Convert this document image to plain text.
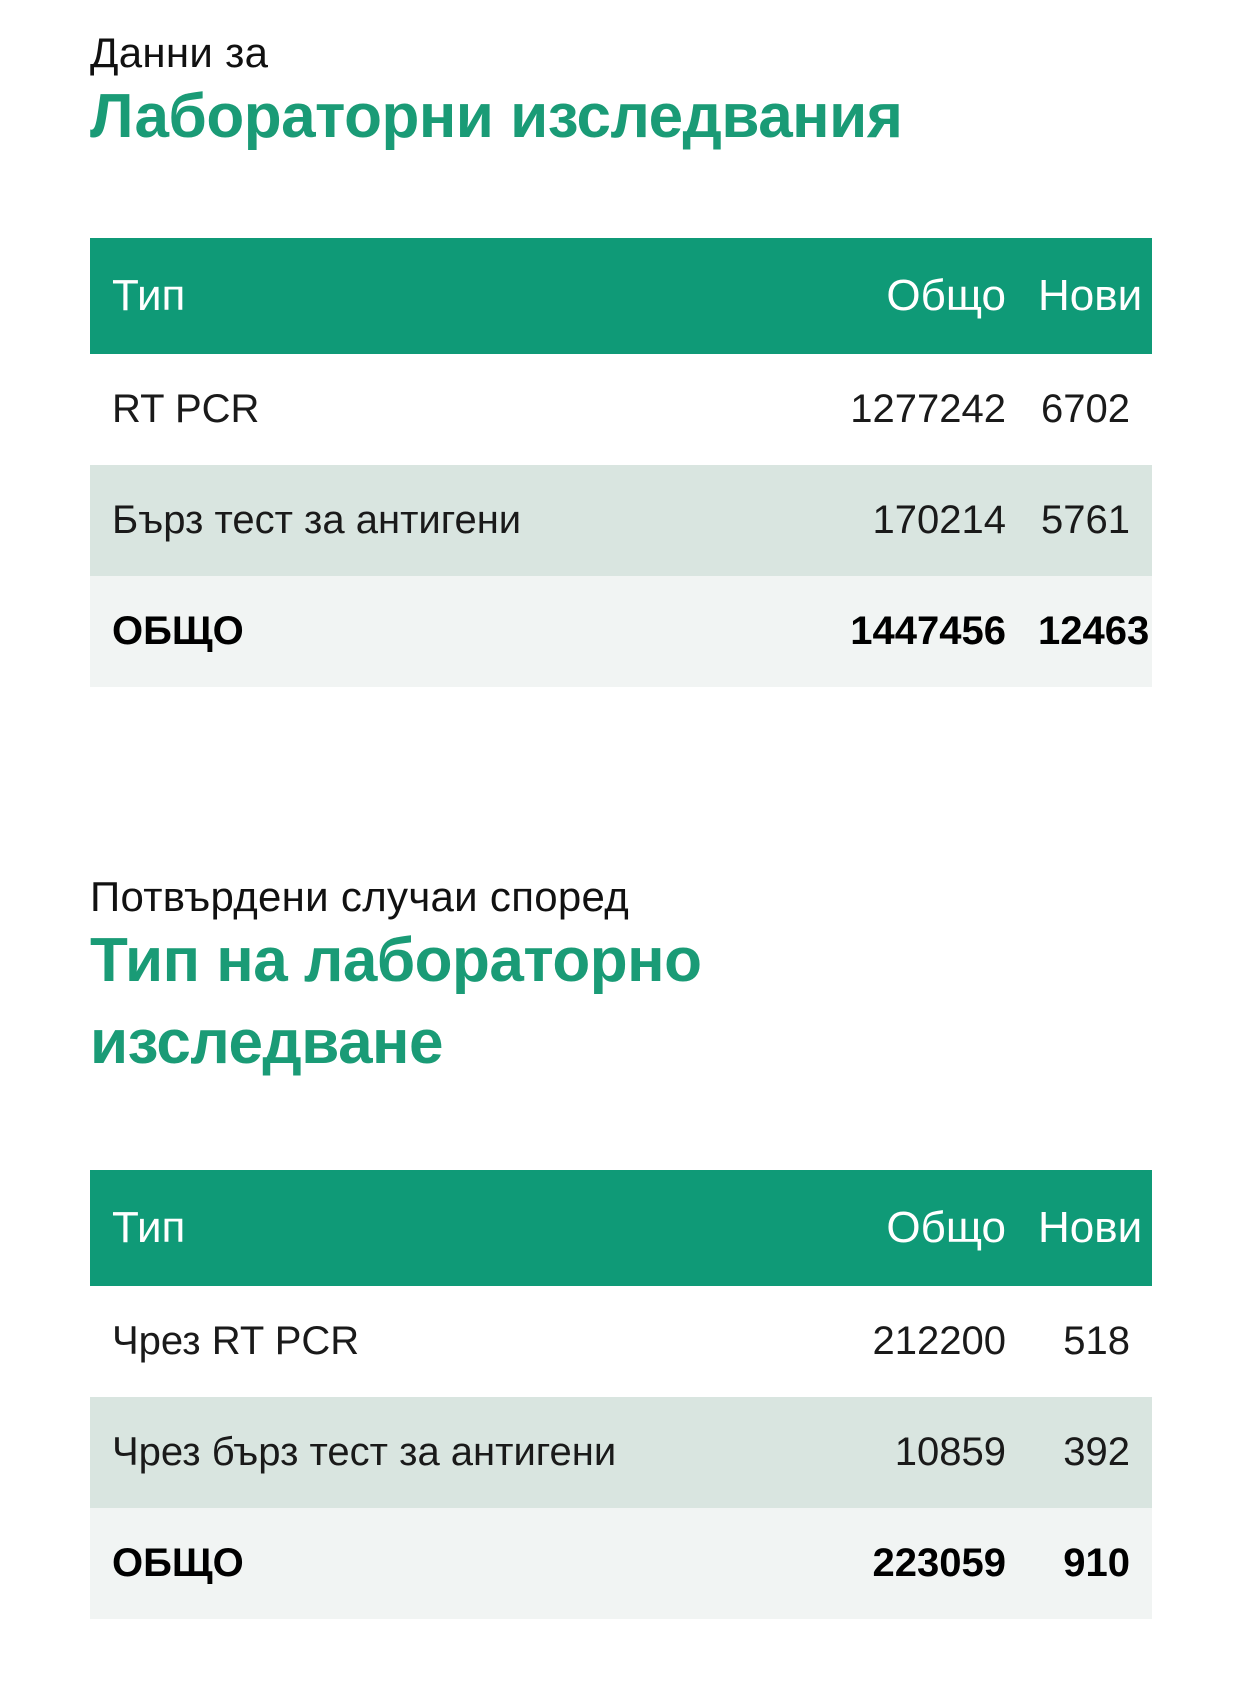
Данни за

Лабораторни изследвания
Тип	Общо	Нови
RT PCR	1277242	6702
Бърз тест за антигени	170214	5761
ОБЩО	1447456	12463

Потвърдени случаи според

Тип на лабораторно
изследване
Тип	Общо	Нови
Чрез RT PCR	212200	518
Чрез бърз тест за антигени	10859	392
ОБЩО	223059	910
